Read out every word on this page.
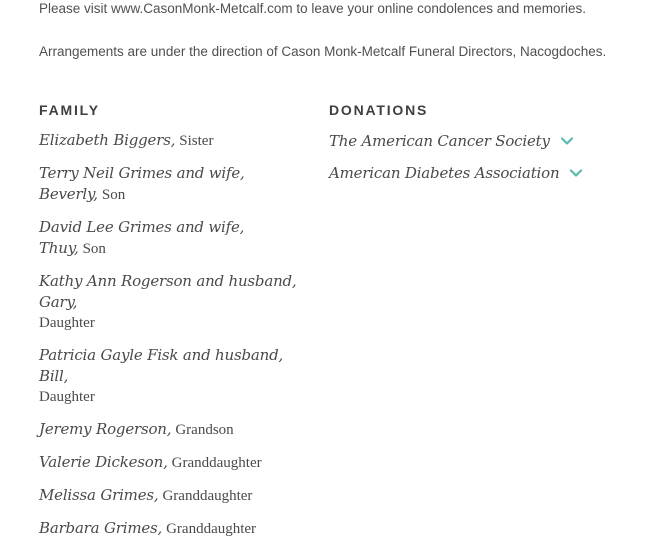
Please visit www.CasonMonk-Metcalf.com to leave your online condolences and memories.
Arrangements are under the direction of Cason Monk-Metcalf Funeral Directors, Nacogdoches.
FAMILY	DONATIONS
Elizabeth Biggers, Sister
Terry Neil Grimes and wife, Beverly, Son
David Lee Grimes and wife, Thuy, Son
Kathy Ann Rogerson and husband, Gary,
Daughter
Patricia Gayle Fisk and husband, Bill,
Daughter
Jeremy Rogerson, Grandson
Valerie Dickeson, Granddaughter
Melissa Grimes, Granddaughter
Barbara Grimes, Granddaughter
The American Cancer Society
American Diabetes Association
